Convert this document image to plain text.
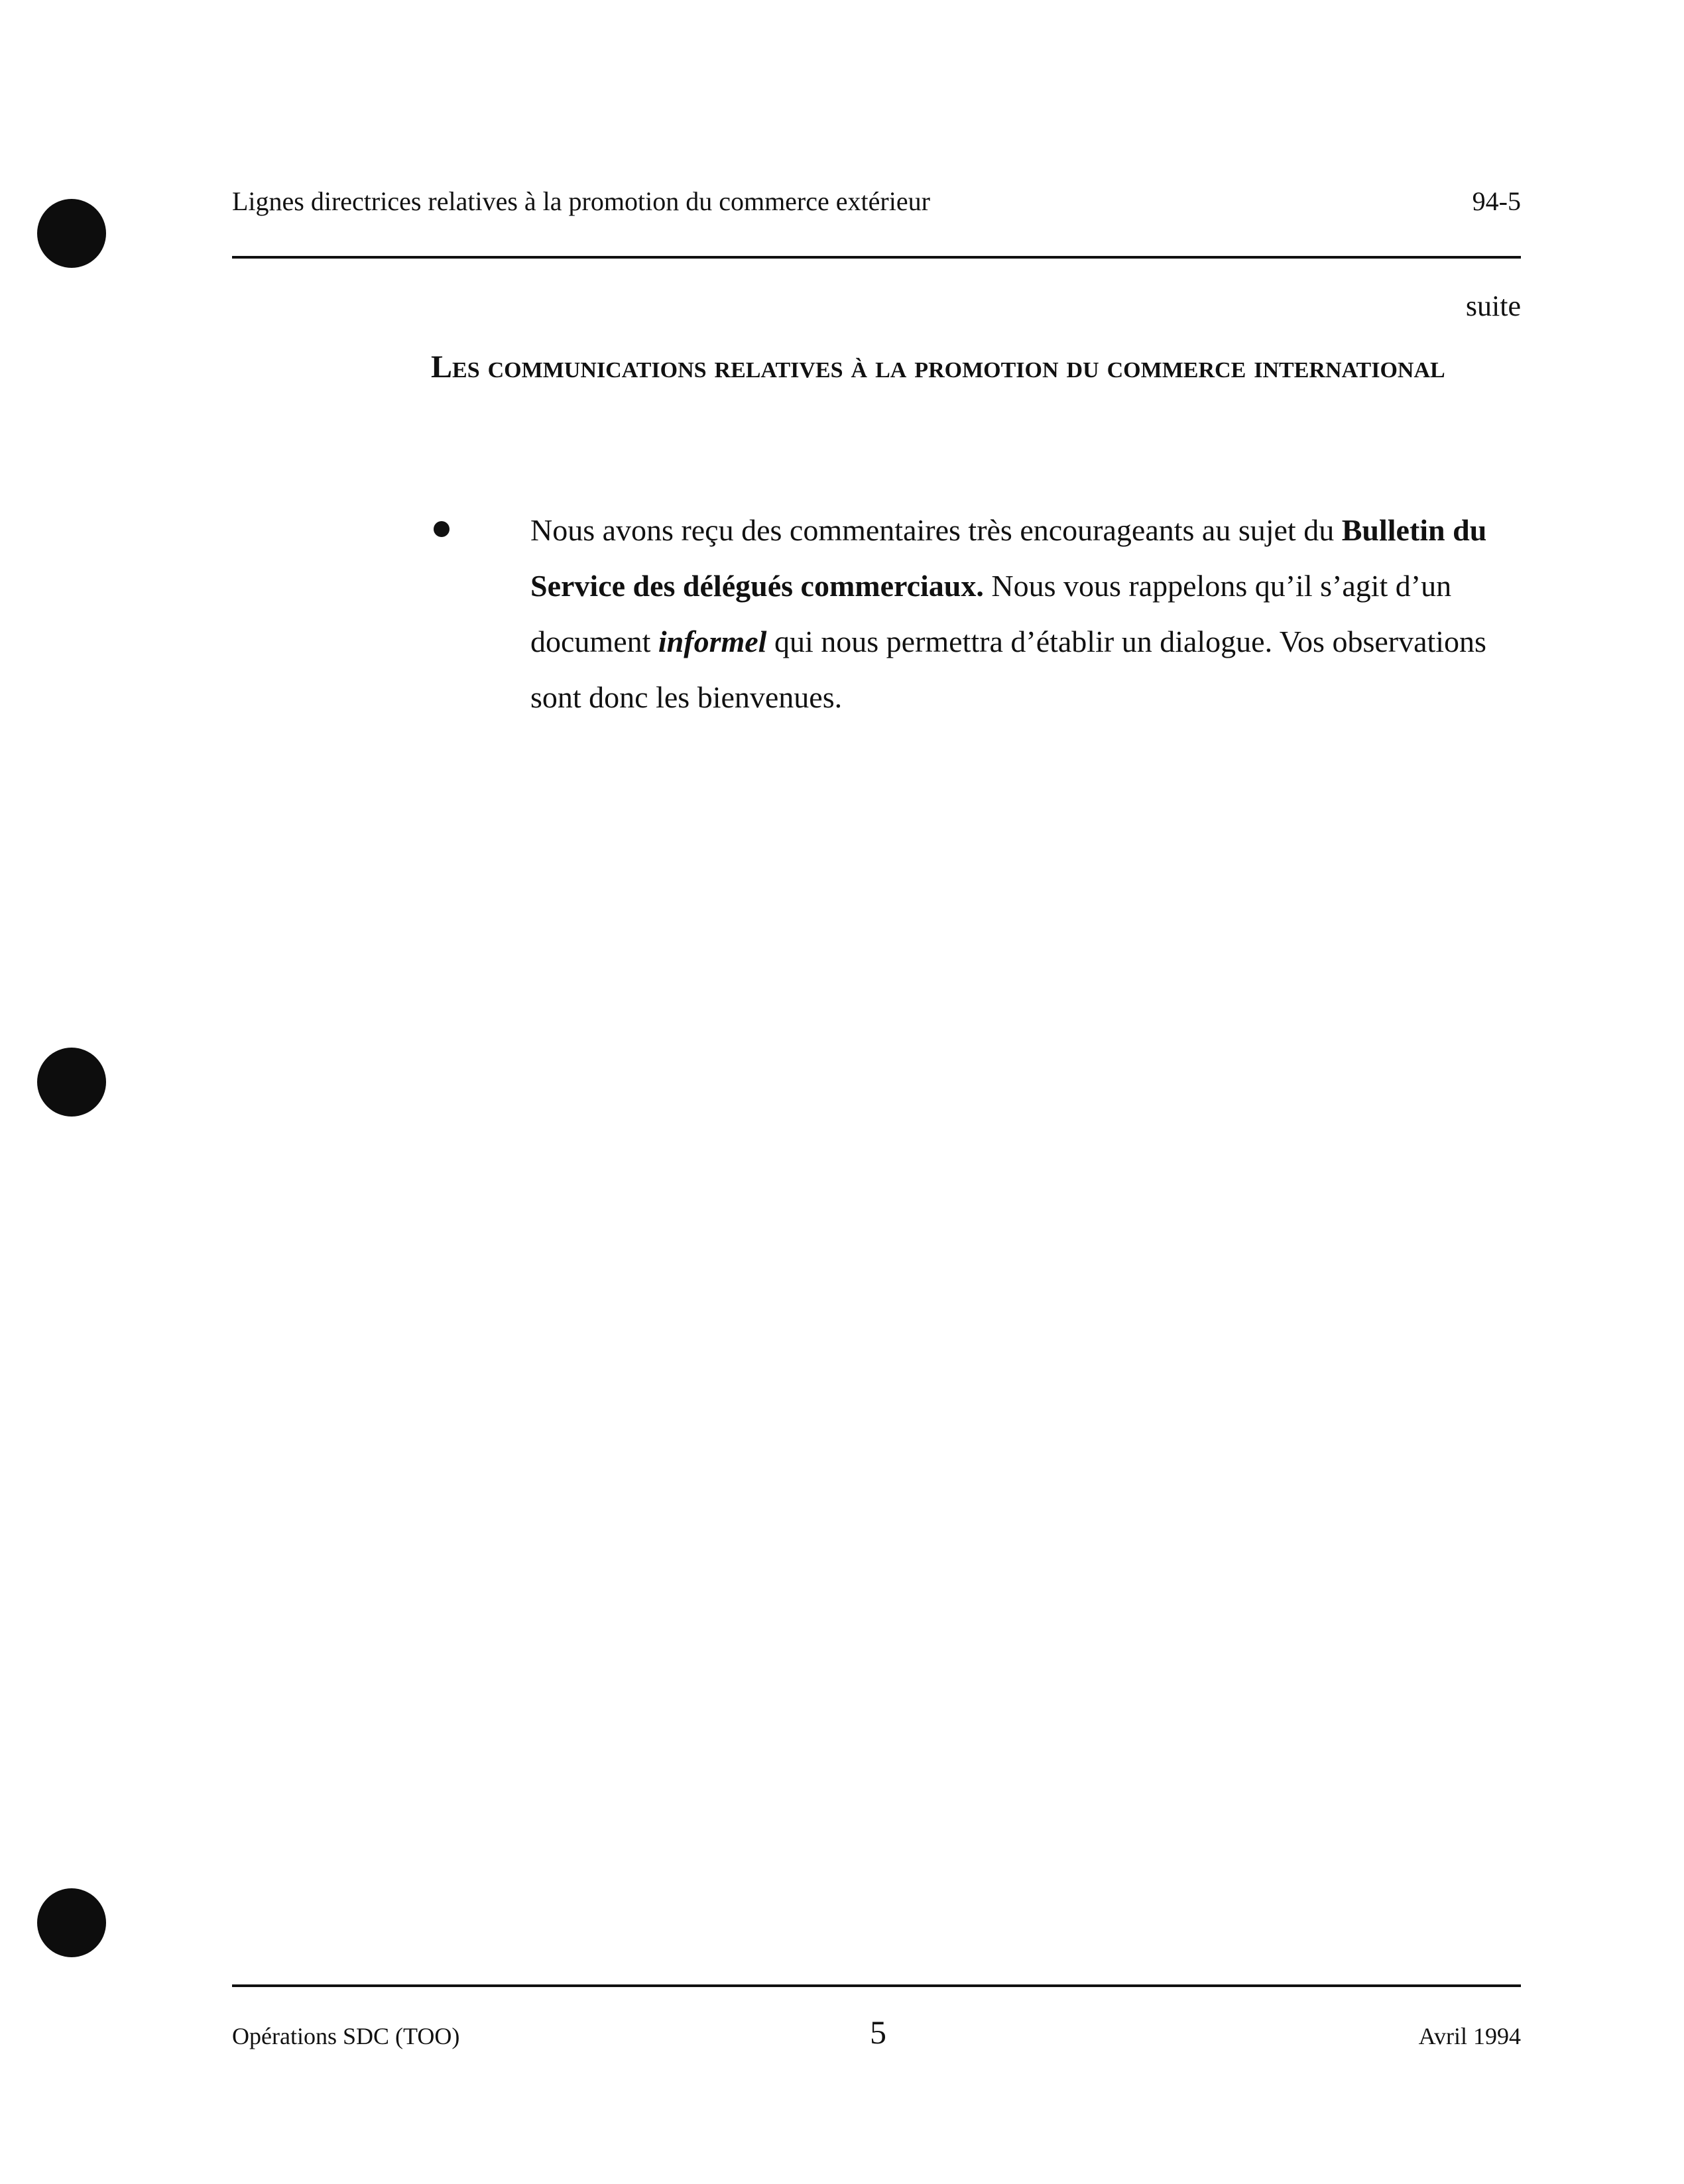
Lignes directrices relatives à la promotion du commerce extérieur	94-5
suite
Les communications relatives à la promotion du commerce international
Nous avons reçu des commentaires très encourageants au sujet du Bulletin du Service des délégués commerciaux. Nous vous rappelons qu’il s’agit d’un document informel qui nous permettra d’établir un dialogue. Vos observations sont donc les bienvenues.
Opérations SDC (TOO)	5	Avril 1994
